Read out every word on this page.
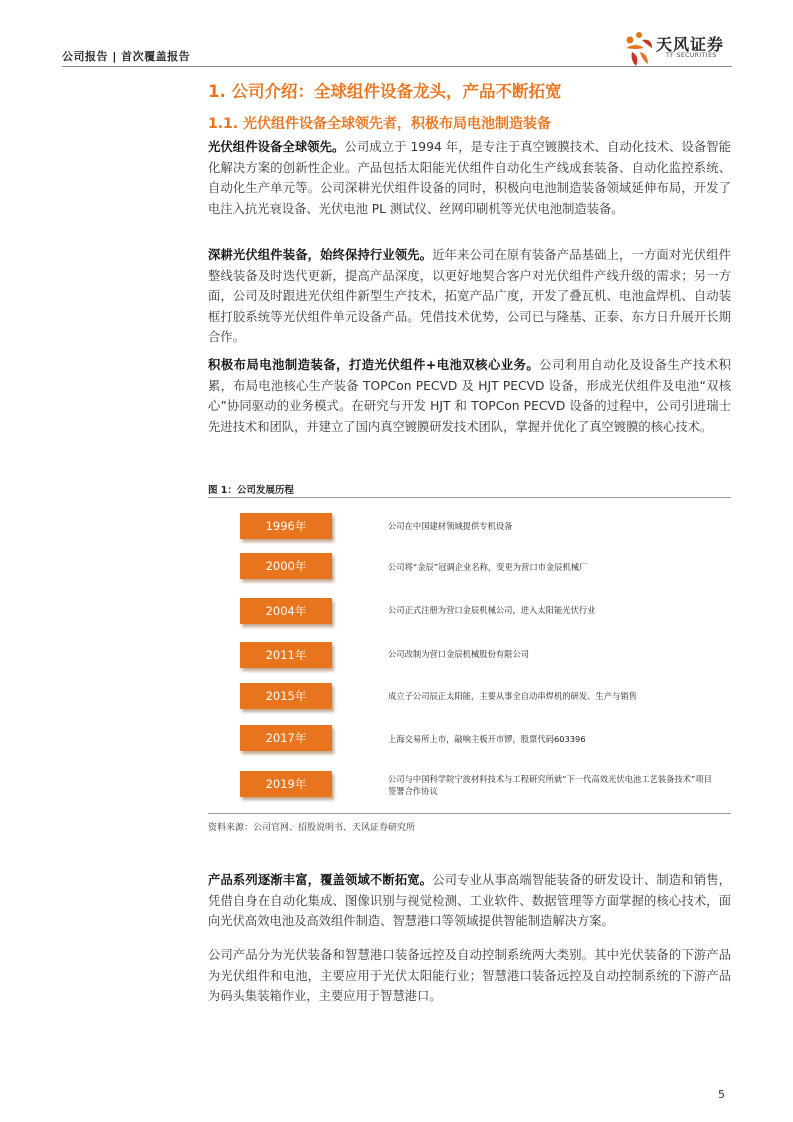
公司报告 | 首次覆盖报告
天风证券
TF SECURITIES
1. 公司介绍：全球组件设备龙头，产品不断拓宽
1.1. 光伏组件设备全球领先者，积极布局电池制造装备
光伏组件设备全球领先。公司成立于 1994 年，是专注于真空镀膜技术、自动化技术、设备智能化解决方案的创新性企业。产品包括太阳能光伏组件自动化生产线成套装备、自动化监控系统、自动化生产单元等。公司深耕光伏组件设备的同时，积极向电池制造装备领域延伸布局，开发了电注入抗光衰设备、光伏电池 PL 测试仪、丝网印刷机等光伏电池制造装备。
深耕光伏组件装备，始终保持行业领先。近年来公司在原有装备产品基础上，一方面对光伏组件整线装备及时迭代更新，提高产品深度，以更好地契合客户对光伏组件产线升级的需求；另一方面，公司及时跟进光伏组件新型生产技术，拓宽产品广度，开发了叠瓦机、电池盒焊机、自动装框打胶系统等光伏组件单元设备产品。凭借技术优势，公司已与隆基、正泰、东方日升展开长期合作。
积极布局电池制造装备，打造光伏组件+电池双核心业务。公司利用自动化及设备生产技术积累，布局电池核心生产装备 TOPCon PECVD 及 HJT PECVD 设备，形成光伏组件及电池“双核心”协同驱动的业务模式。在研究与开发 HJT 和 TOPCon PECVD 设备的过程中，公司引进瑞士先进技术和团队，并建立了国内真空镀膜研发技术团队，掌握并优化了真空镀膜的核心技术。
图 1：公司发展历程
1996年	公司在中国建材领域提供专机设备
2000年	公司将“金辰”冠调企业名称，变更为营口市金辰机械厂
2004年	公司正式注册为营口金辰机械公司，进入太阳能光伏行业
2011年	公司改制为营口金辰机械股份有限公司
2015年	成立子公司辰正太阳能，主要从事全自动串焊机的研发、生产与销售
2017年	上海交易所上市，敲响主板开市锣，股票代码603396
2019年	公司与中国科学院宁波材料技术与工程研究所就“下一代高效光伏电池工艺装备技术”项目签署合作协议
资料来源：公司官网、招股说明书、天风证券研究所
产品系列逐渐丰富，覆盖领域不断拓宽。公司专业从事高端智能装备的研发设计、制造和销售，凭借自身在自动化集成、图像识别与视觉检测、工业软件、数据管理等方面掌握的核心技术，面向光伏高效电池及高效组件制造、智慧港口等领域提供智能制造解决方案。
公司产品分为光伏装备和智慧港口装备远控及自动控制系统两大类别。其中光伏装备的下游产品为光伏组件和电池，主要应用于光伏太阳能行业；智慧港口装备远控及自动控制系统的下游产品为码头集装箱作业，主要应用于智慧港口。
5
